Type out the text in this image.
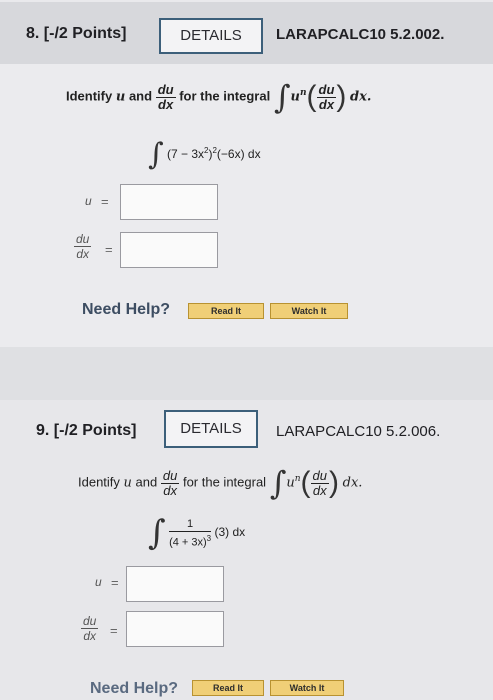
8. [-/2 Points]	DETAILS	LARAPCALC10 5.2.002.
Identify u and $\frac{du}{dx}$ for the integral $\int u^n( \frac{du}{dx}$ ) dx.
∫ $(7 - 3x^2)^2(-6x)$ dx
u =
$\frac{du}{dx}$ =
Need Help?	Read It	Watch It
9. [-/2 Points]	DETAILS	LARAPCALC10 5.2.006.
Identify u and $\frac{du}{dx}$ for the integral $\int u^n( \frac{du}{dx}$ ) dx.
∫ $\frac{1}{(4 + 3x)^3} (3)$ dx
u =
$\frac{du}{dx}$ =
Need Help?	Read It	Watch It
